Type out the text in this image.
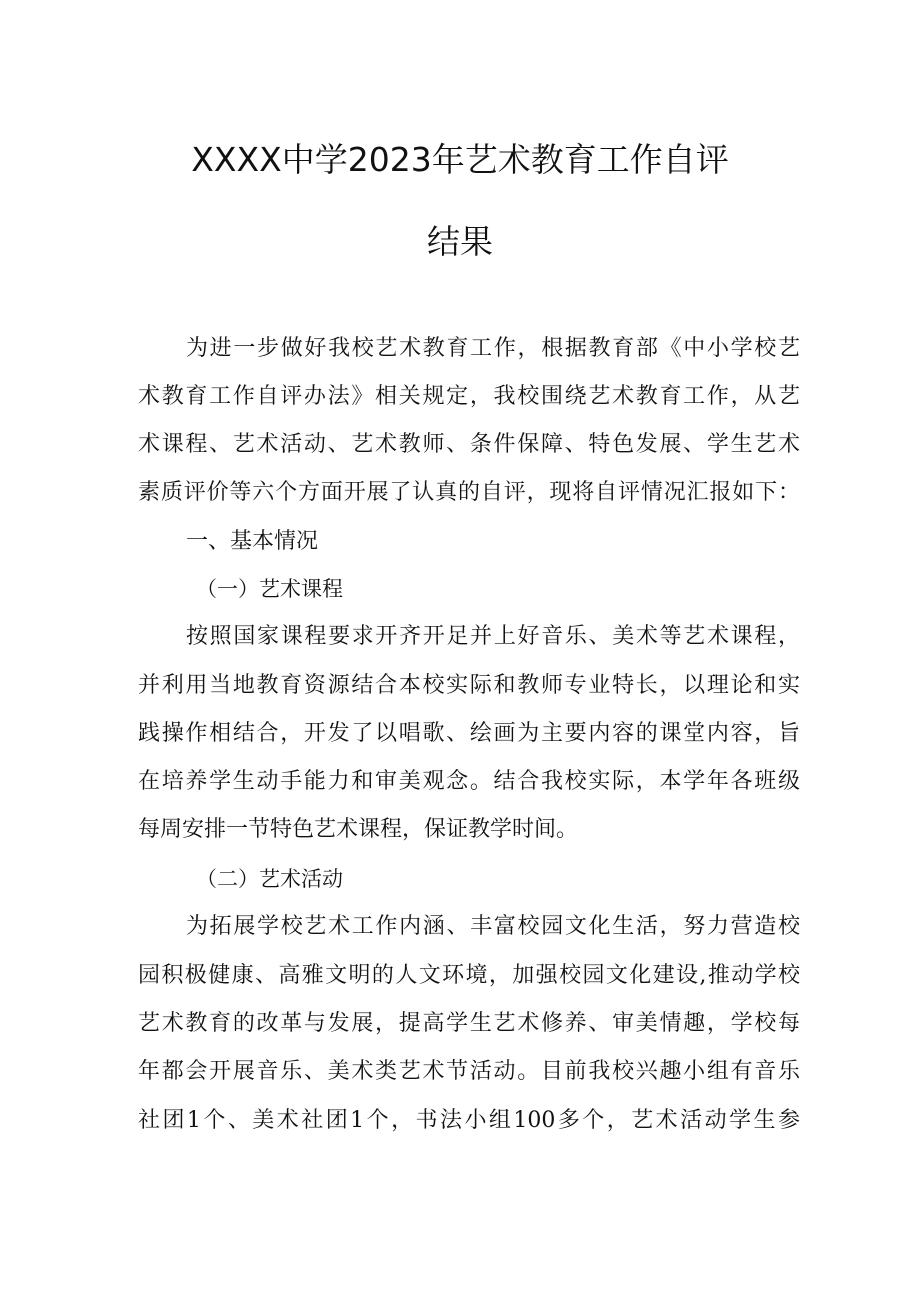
XXXX中学2023年艺术教育工作自评
结果
为进一步做好我校艺术教育工作，根据教育部《中小学校艺
术教育工作自评办法》相关规定，我校围绕艺术教育工作，从艺
术课程、艺术活动、艺术教师、条件保障、特色发展、学生艺术
素质评价等六个方面开展了认真的自评，现将自评情况汇报如下：
一、基本情况
（一）艺术课程
按照国家课程要求开齐开足并上好音乐、美术等艺术课程，
并利用当地教育资源结合本校实际和教师专业特长，以理论和实
践操作相结合，开发了以唱歌、绘画为主要内容的课堂内容，旨
在培养学生动手能力和审美观念。结合我校实际，本学年各班级
每周安排一节特色艺术课程，保证教学时间。
（二）艺术活动
为拓展学校艺术工作内涵、丰富校园文化生活，努力营造校
园积极健康、高雅文明的人文环境，加强校园文化建设,推动学校
艺术教育的改革与发展，提高学生艺术修养、审美情趣，学校每
年都会开展音乐、美术类艺术节活动。目前我校兴趣小组有音乐
社团1个、美术社团1个，书法小组100多个，艺术活动学生参
